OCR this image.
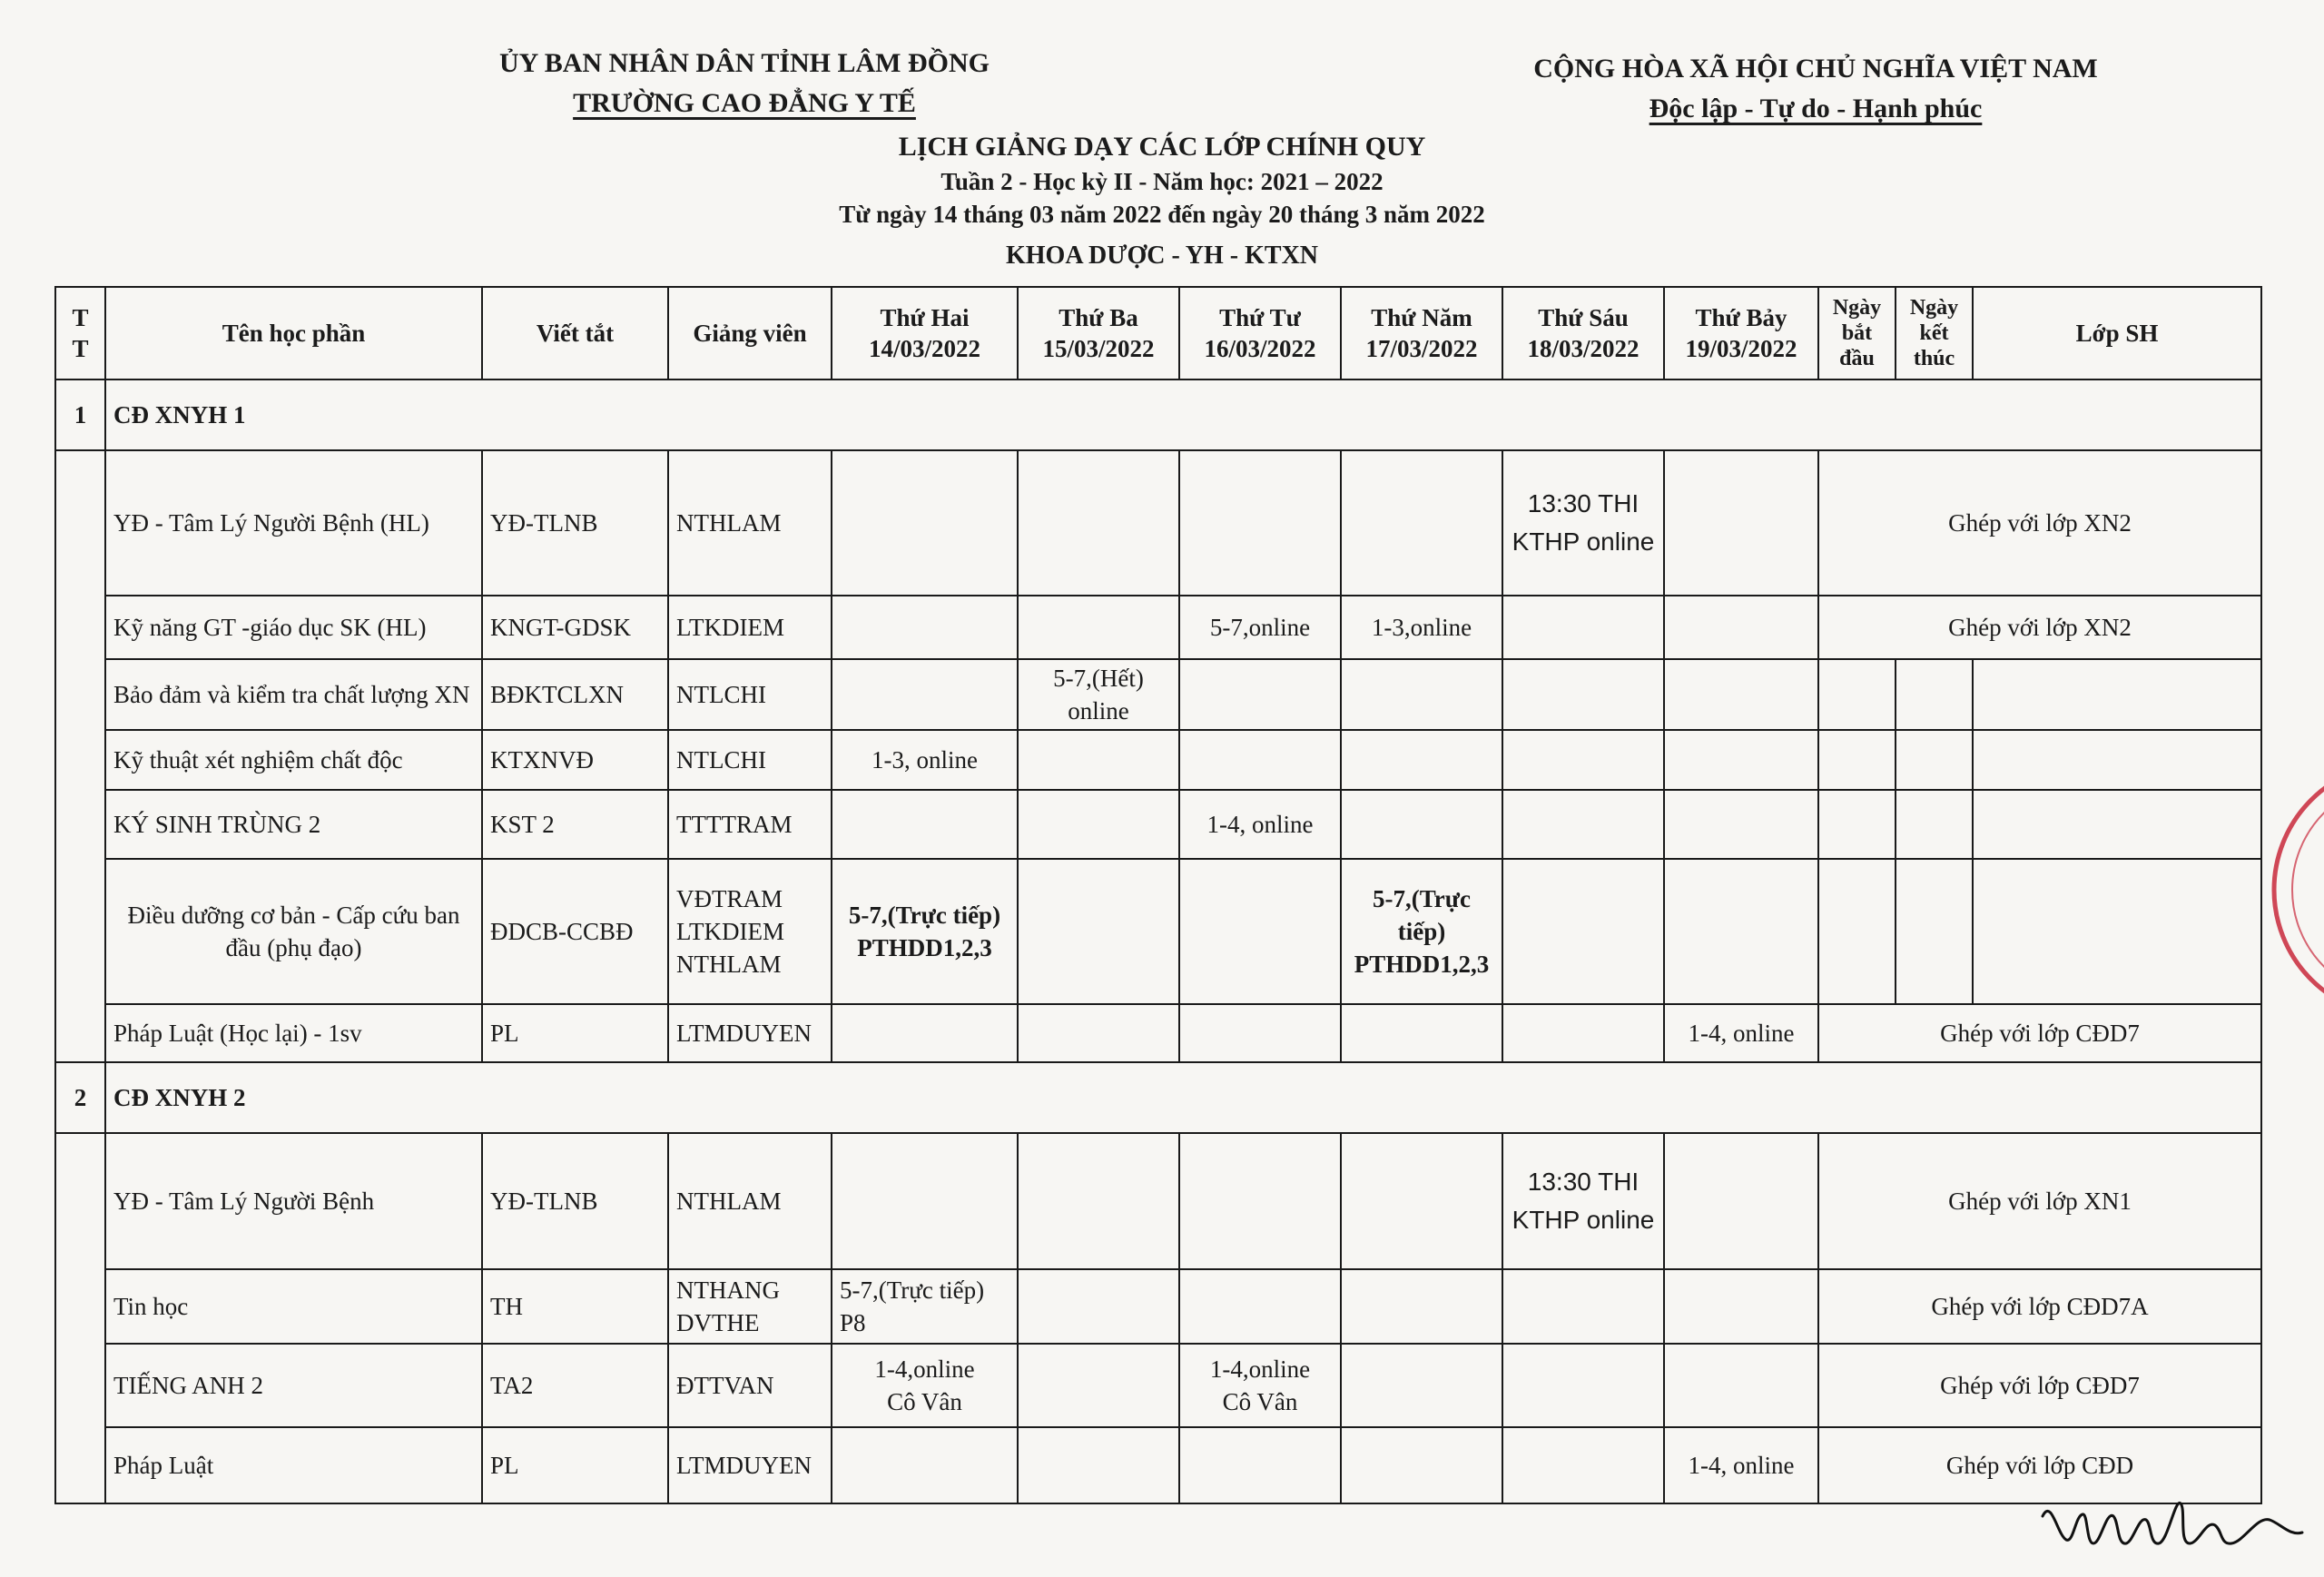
ỦY BAN NHÂN DÂN TỈNH LÂM ĐỒNG
TRƯỜNG CAO ĐẲNG Y TẾ
CỘNG HÒA XÃ HỘI CHỦ NGHĨA VIỆT NAM
Độc lập - Tự do - Hạnh phúc
LỊCH GIẢNG DẠY CÁC LỚP CHÍNH QUY
Tuần 2 - Học kỳ II - Năm học: 2021 – 2022
Từ ngày 14 tháng 03 năm 2022 đến ngày 20 tháng 3 năm 2022
KHOA DƯỢC - YH - KTXN
T T	Tên học phần	Viết tắt	Giảng viên	Thứ Hai 14/03/2022	Thứ Ba 15/03/2022	Thứ Tư 16/03/2022	Thứ Năm 17/03/2022	Thứ Sáu 18/03/2022	Thứ Bảy 19/03/2022	Ngày bắt đầu	Ngày kết thúc	Lớp SH
1	CĐ XNYH 1											
	YĐ - Tâm Lý Người Bệnh (HL)	YĐ-TLNB	NTHLAM					13:30 THI KTHP online		Ghép với lớp XN2		
	Kỹ năng GT -giáo dục SK (HL)	KNGT-GDSK	LTKDIEM			5-7,online	1-3,online			Ghép với lớp XN2		
	Bảo đảm và kiểm tra chất lượng XN	BĐKTCLXN	NTLCHI		5-7,(Hết) online							
	Kỹ thuật xét nghiệm chất độc	KTXNVĐ	NTLCHI	1-3, online								
	KÝ SINH TRÙNG 2	KST 2	TTTTRAM			1-4, online						
	Điều dưỡng cơ bản - Cấp cứu ban đầu (phụ đạo)	ĐDCB-CCBĐ	VĐTRAM LTKDIEM NTHLAM	5-7,(Trực tiếp) PTHDD1,2,3			5-7,(Trực tiếp) PTHDD1,2,3					
	Pháp Luật (Học lại) - 1sv	PL	LTMDUYEN						1-4, online	Ghép với lớp CĐD7		
2	CĐ XNYH 2											
	YĐ - Tâm Lý Người Bệnh	YĐ-TLNB	NTHLAM					13:30 THI KTHP online		Ghép với lớp XN1		
	Tin học	TH	NTHANG DVTHE	5-7,(Trực tiếp) P8						Ghép với lớp CĐD7A		
	TIẾNG ANH 2	TA2	ĐTTVAN	1-4,online Cô Vân		1-4,online Cô Vân				Ghép với lớp CĐD7		
	Pháp Luật	PL	LTMDUYEN						1-4, online	Ghép với lớp CĐD		
